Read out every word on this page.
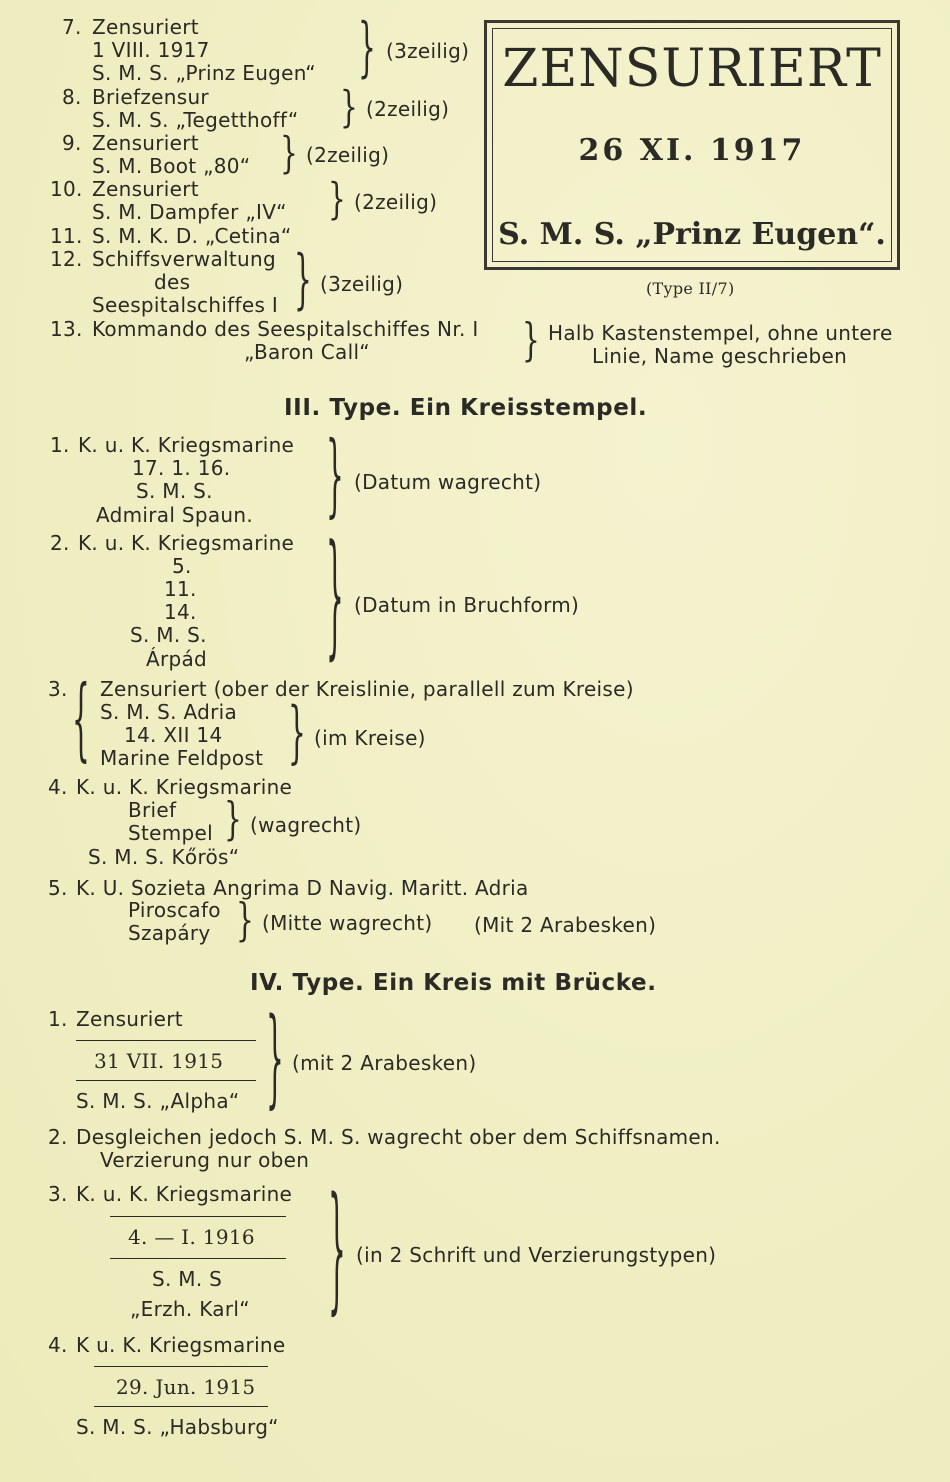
7. Zensuriert
1 VIII. 1917
S. M. S. „Prinz Eugen“ } (3zeilig)
8. Briefzensur
S. M. S. „Tegetthoff“ } (2zeilig)
9. Zensuriert
S. M. Boot „80“ } (2zeilig)
10. Zensuriert
S. M. Dampfer „IV“ } (2zeilig)
11. S. M. K. D. „Cetina“
12. Schiffsverwaltung
des
Seespitalschiffes I } (3zeilig)
13. Kommando des Seespitalschiffes Nr. I
„Baron Call“	} Halb Kastenstempel, ohne untere
Linie, Name geschrieben
ZENSURIERT
26 XI. 1917
S. M. S. „Prinz Eugen“.
(Type II/7)
III. Type. Ein Kreisstempel.
1. K. u. K. Kriegsmarine
17. 1. 16.
S. M. S.
Admiral Spaun.	} (Datum wagrecht)
2. K. u. K. Kriegsmarine
5.
11.
14.
S. M. S.
Árpád	} (Datum in Bruchform)
3. { Zensuriert (ober der Kreislinie, parallell zum Kreise)
S. M. S. Adria
14. XII 14
Marine Feldpost } (im Kreise)
4. K. u. K. Kriegsmarine
Brief
Stempel } (wagrecht)
S. M. S. Kőrös“
5. K. U. Sozieta Angrima D Navig. Maritt. Adria
Piroscafo
Szapáry } (Mitte wagrecht) (Mit 2 Arabesken)
IV. Type. Ein Kreis mit Brücke.
1. Zensuriert
31 VII. 1915
S. M. S. „Alpha“ } (mit 2 Arabesken)
2. Desgleichen jedoch S. M. S. wagrecht ober dem Schiffsnamen.
Verzierung nur oben
3. K. u. K. Kriegsmarine
4. — I. 1916
S. M. S
„Erzh. Karl“	} (in 2 Schrift und Verzierungstypen)
4. K u. K. Kriegsmarine
29. Jun. 1915
S. M. S. „Habsburg“
